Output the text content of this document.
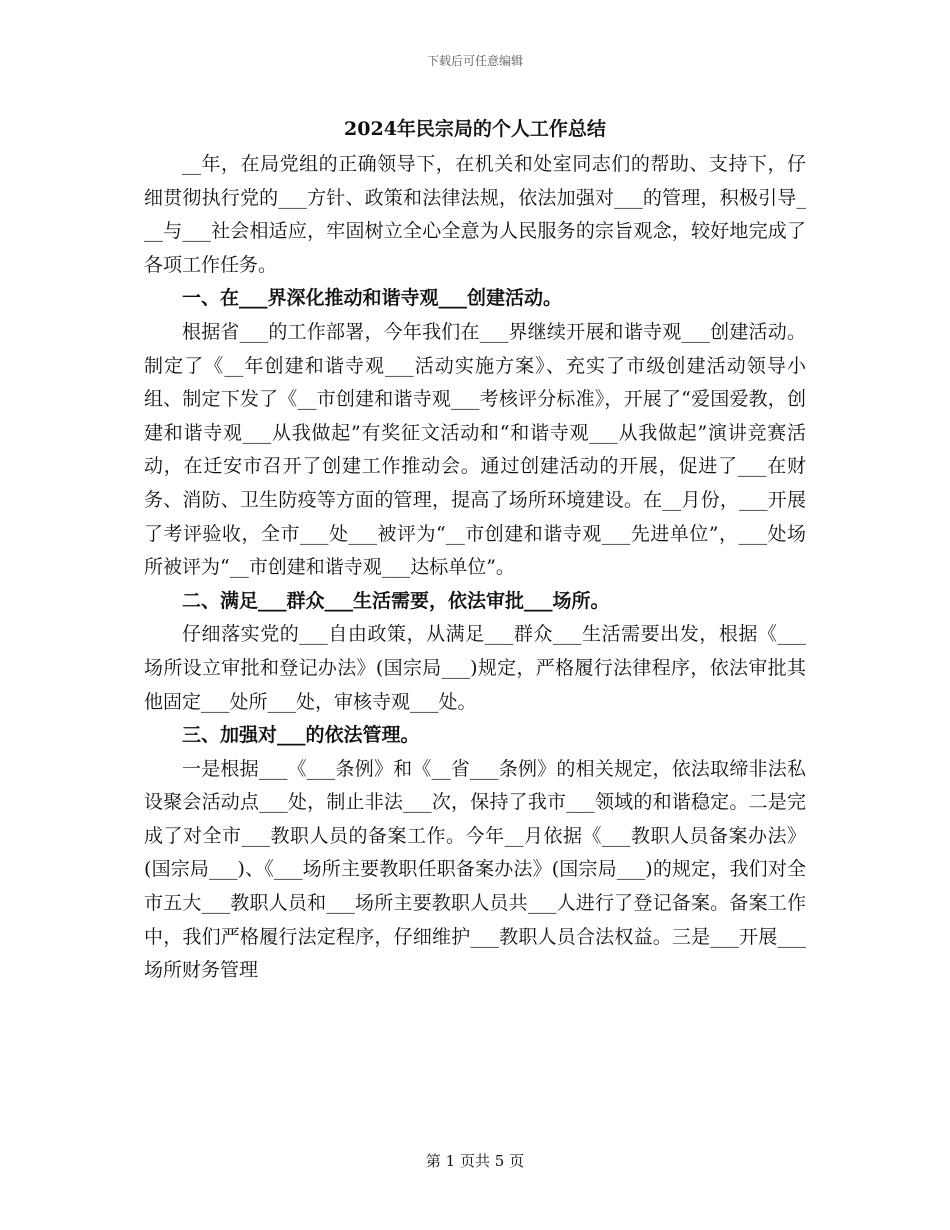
下载后可任意编辑
2024年民宗局的个人工作总结

__年，在局党组的正确领导下，在机关和处室同志们的帮助、支持下，仔细贯彻执行党的___方针、政策和法律法规，依法加强对___的管理，积极引导___与___社会相适应，牢固树立全心全意为人民服务的宗旨观念，较好地完成了各项工作任务。

一、在___界深化推动和谐寺观___创建活动。

根据省___的工作部署，今年我们在___界继续开展和谐寺观___创建活动。制定了《__年创建和谐寺观___活动实施方案》、充实了市级创建活动领导小组、制定下发了《__市创建和谐寺观___考核评分标准》，开展了“爱国爱教，创建和谐寺观___从我做起”有奖征文活动和“和谐寺观___从我做起”演讲竞赛活动，在迁安市召开了创建工作推动会。通过创建活动的开展，促进了___在财务、消防、卫生防疫等方面的管理，提高了场所环境建设。在__月份，___开展了考评验收，全市___处___被评为“__市创建和谐寺观___先进单位”，___处场所被评为“__市创建和谐寺观___达标单位”。

二、满足___群众___生活需要，依法审批___场所。

仔细落实党的___自由政策，从满足___群众___生活需要出发，根据《___场所设立审批和登记办法》(国宗局___)规定，严格履行法律程序，依法审批其他固定___处所___处，审核寺观___处。

三、加强对___的依法管理。

一是根据___《___条例》和《__省___条例》的相关规定，依法取缔非法私设聚会活动点___处，制止非法___次，保持了我市___领域的和谐稳定。二是完成了对全市___教职人员的备案工作。今年__月依据《___教职人员备案办法》(国宗局___)、《___场所主要教职任职备案办法》(国宗局___)的规定，我们对全市五大___教职人员和___场所主要教职人员共___人进行了登记备案。备案工作中，我们严格履行法定程序，仔细维护___教职人员合法权益。三是___开展___场所财务管理

第 1 页共 5 页
